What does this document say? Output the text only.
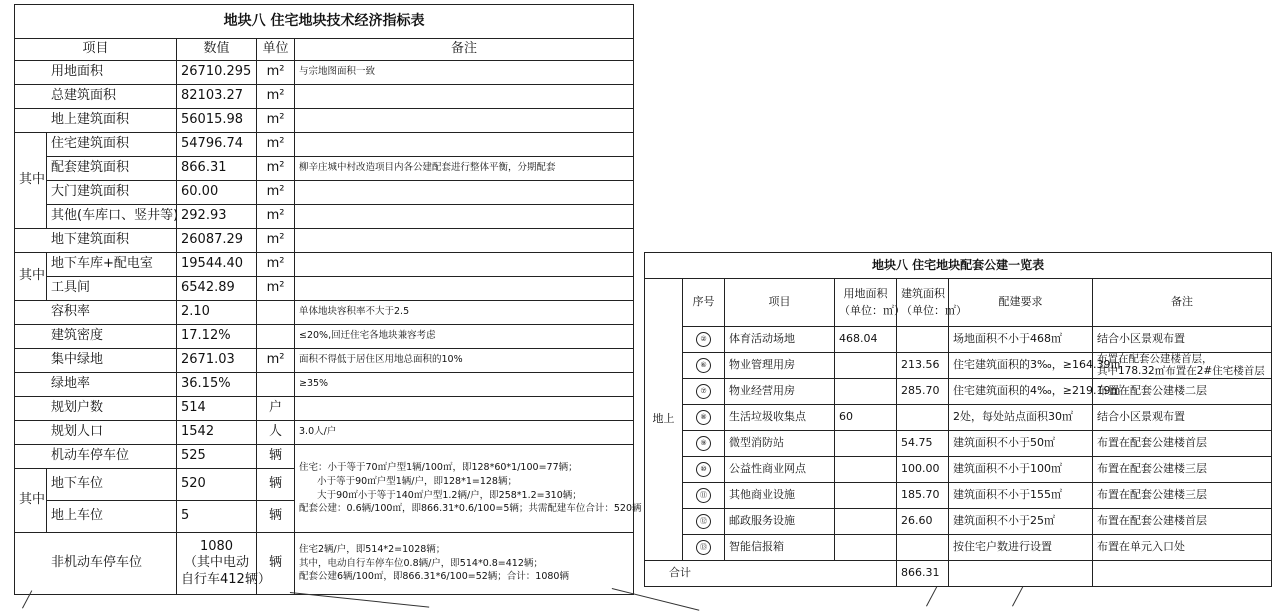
地块八 住宅地块技术经济指标表				
项目		数值	单位	备注
用地面积		26710.295	m²	与宗地图面积一致
总建筑面积		82103.27	m²	
地上建筑面积		56015.98	m²	
其中	住宅建筑面积	54796.74	m²	
	配套建筑面积	866.31	m²	柳辛庄城中村改造项目内各公建配套进行整体平衡，分期配套
	大门建筑面积	60.00	m²	
	其他(车库口、竖井等)	292.93	m²	
地下建筑面积		26087.29	m²	
其中	地下车库+配电室	19544.40	m²	
	工具间	6542.89	m²	
容积率		2.10		单体地块容积率不大于2.5
建筑密度		17.12%		≤20%,回迁住宅各地块兼容考虑
集中绿地		2671.03	m²	面积不得低于居住区用地总面积的10%
绿地率		36.15%		≥35%
规划户数		514	户	
规划人口		1542	人	3.0人/户
机动车停车位		525	辆	住宅：小于等于70㎡户型1辆/100㎡，即128*60*1/100=77辆；
小于等于90㎡户型1辆/户，即128*1=128辆；
大于90㎡小于等于140㎡户型1.2辆/户，即258*1.2=310辆；
配套公建：0.6辆/100㎡，即866.31*0.6/100=5辆；共需配建车位合计：520辆
其中	地下车位	520	辆	
	地上车位	5	辆	
非机动车停车位		1080
（其中电动
自行车412辆）	辆	住宅2辆/户，即514*2=1028辆；
其中，电动自行车停车位0.8辆/户，即514*0.8=412辆；
配套公建6辆/100㎡，即866.31*6/100=52辆；合计：1080辆
地块八 住宅地块配套公建一览表						
地上	序号	项目	用地面积
（单位：㎡）	建筑面积
（单位：㎡）	配建要求	备注
	②	体育活动场地	468.04		场地面积不小于468㎡	结合小区景观布置
	⑥	物业管理用房		213.56	住宅建筑面积的3‰，≥164.39㎡	布置在配套公建楼首层，
其中178.32㎡布置在2#住宅楼首层
	⑦	物业经营用房		285.70	住宅建筑面积的4‰，≥219.19㎡	布置在配套公建楼二层
	⑧	生活垃圾收集点	60		2处，每处站点面积30㎡	结合小区景观布置
	⑨	微型消防站		54.75	建筑面积不小于50㎡	布置在配套公建楼首层
	⑩	公益性商业网点		100.00	建筑面积不小于100㎡	布置在配套公建楼三层
	⑪	其他商业设施		185.70	建筑面积不小于155㎡	布置在配套公建楼三层
	⑫	邮政服务设施		26.60	建筑面积不小于25㎡	布置在配套公建楼首层
	⑬	智能信报箱			按住宅户数进行设置	布置在单元入口处
合计				866.31		
